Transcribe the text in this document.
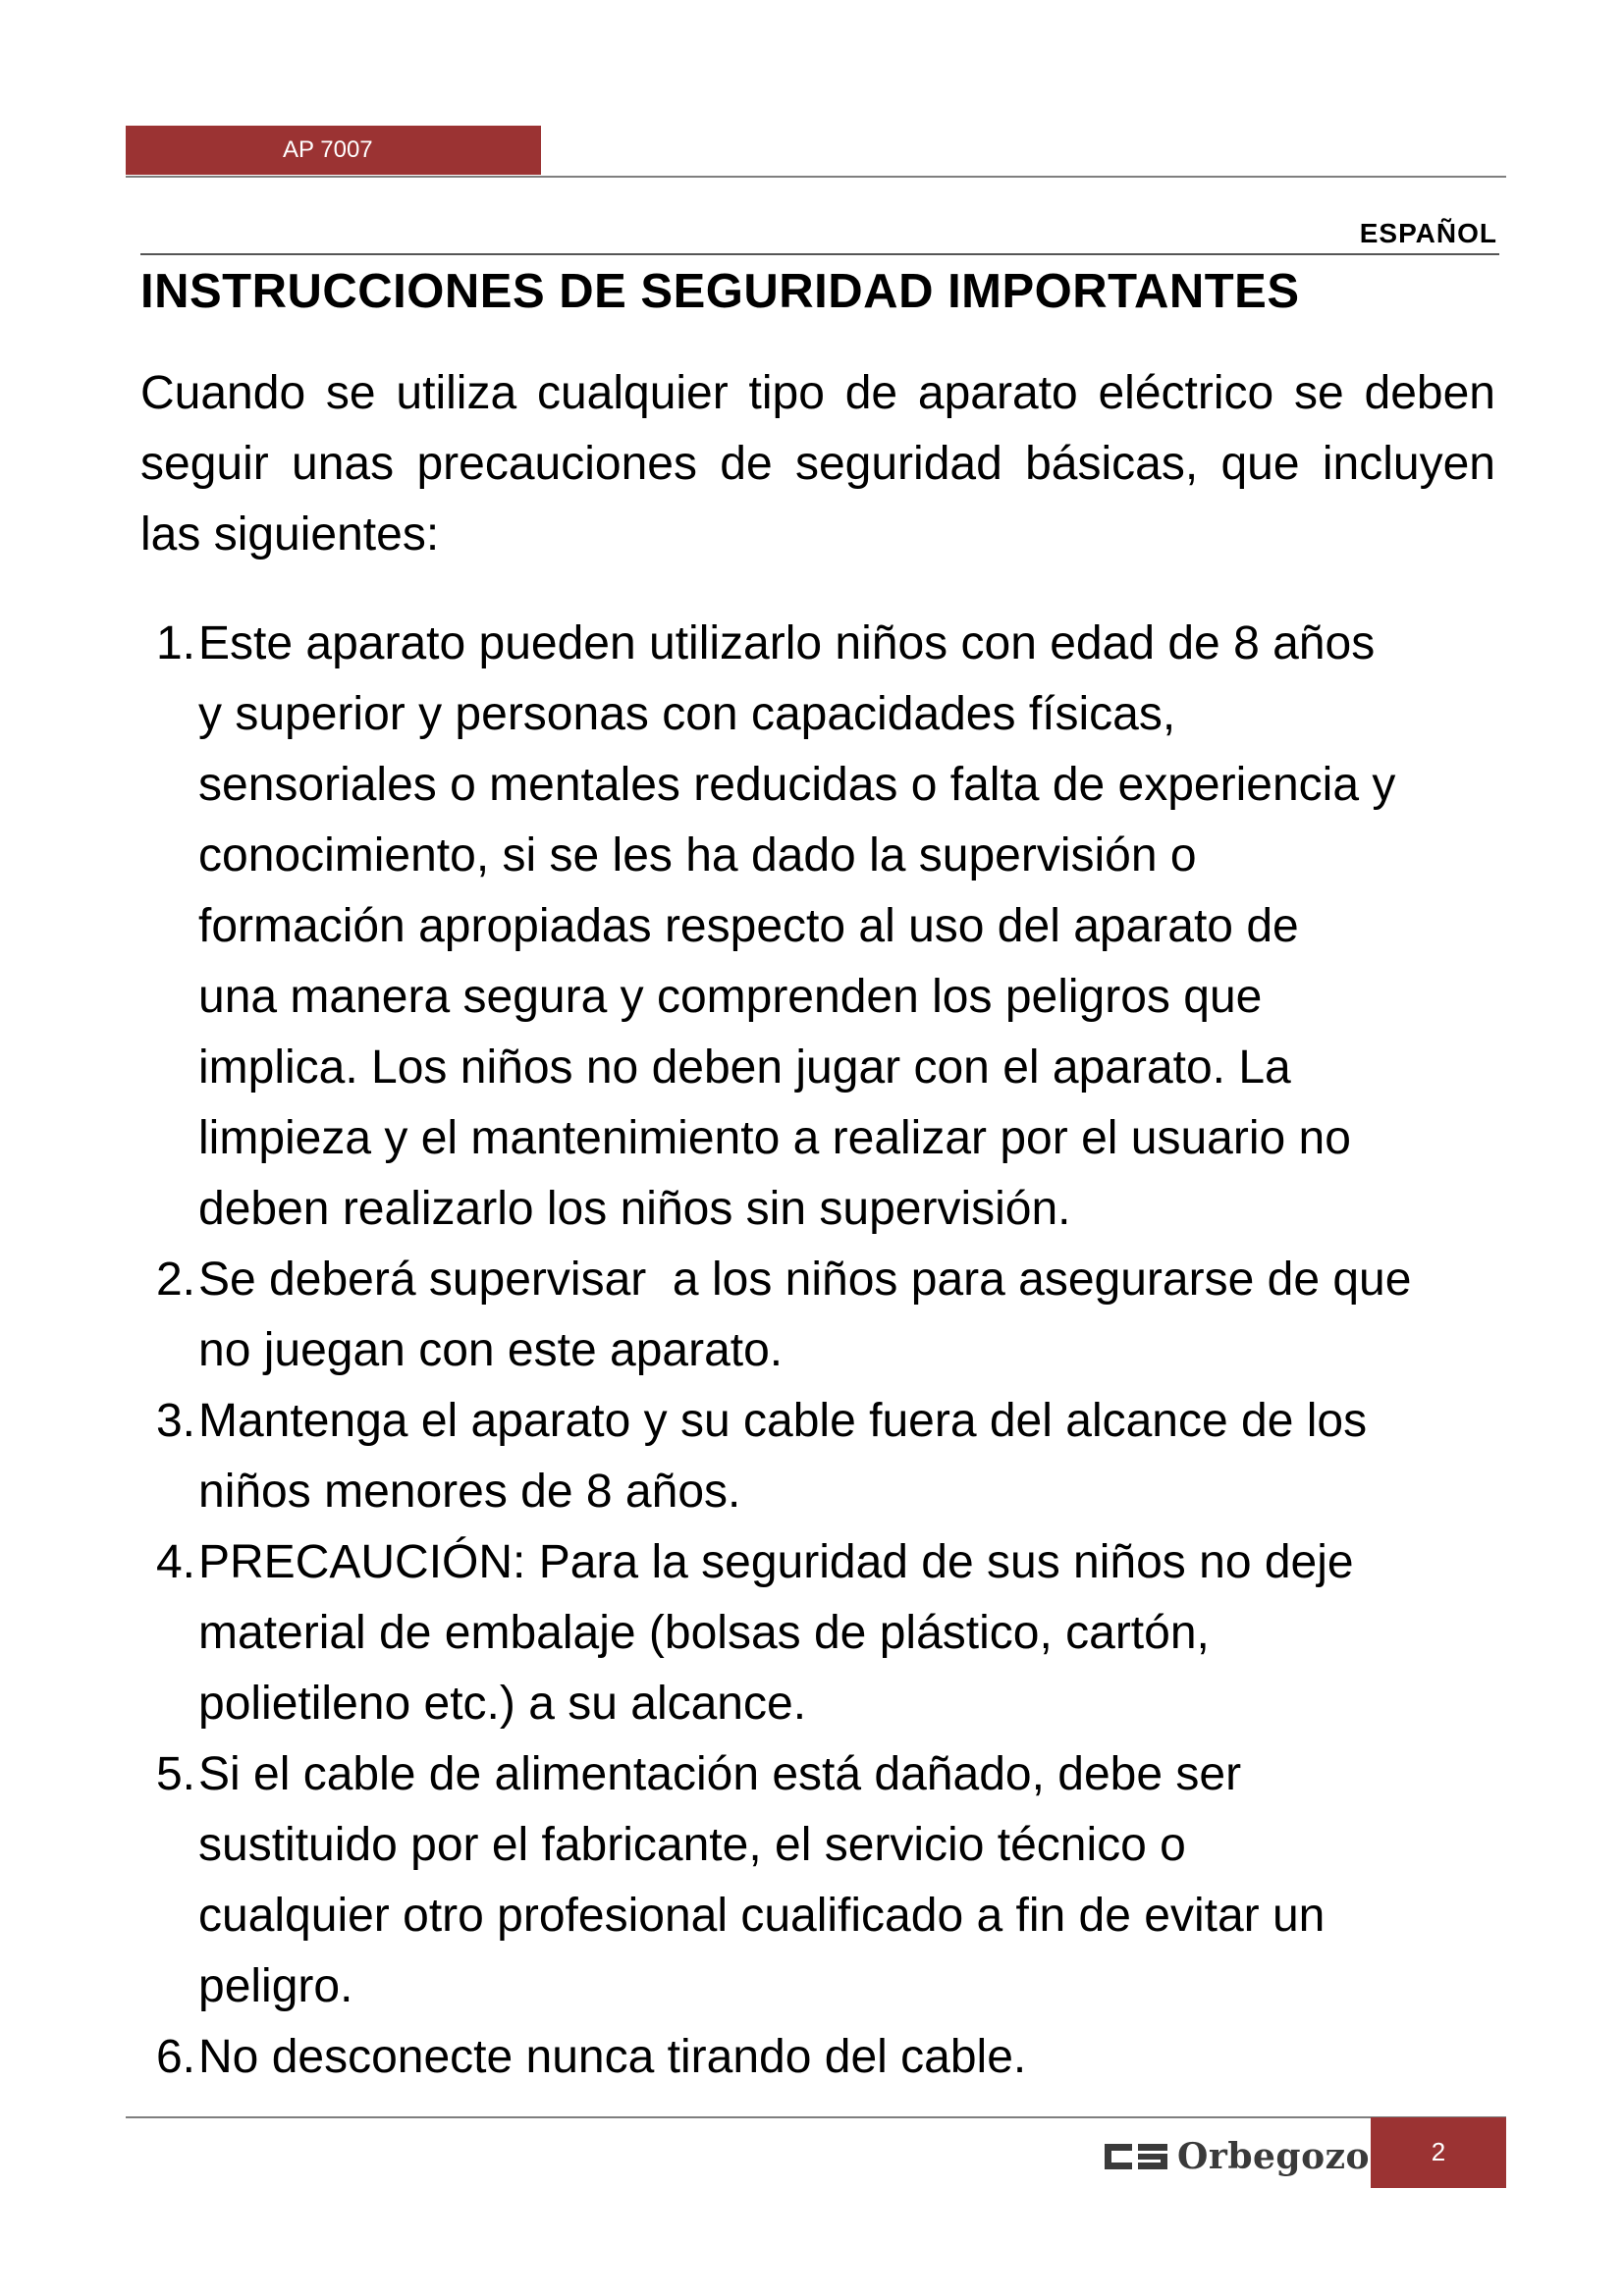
AP 7007
ESPAÑOL
INSTRUCCIONES DE SEGURIDAD IMPORTANTES

Cuando se utiliza cualquier tipo de aparato eléctrico se deben seguir unas precauciones de seguridad básicas, que incluyen las siguientes:

1. Este aparato pueden utilizarlo niños con edad de 8 años
y superior y personas con capacidades físicas,
sensoriales o mentales reducidas o falta de experiencia y
conocimiento, si se les ha dado la supervisión o
formación apropiadas respecto al uso del aparato de
una manera segura y comprenden los peligros que
implica. Los niños no deben jugar con el aparato. La
limpieza y el mantenimiento a realizar por el usuario no
deben realizarlo los niños sin supervisión.
2. Se deberá supervisar  a los niños para asegurarse de que
no juegan con este aparato.
3. Mantenga el aparato y su cable fuera del alcance de los
niños menores de 8 años.
4. PRECAUCIÓN: Para la seguridad de sus niños no deje
material de embalaje (bolsas de plástico, cartón,
polietileno etc.) a su alcance.
5. Si el cable de alimentación está dañado, debe ser
sustituido por el fabricante, el servicio técnico o
cualquier otro profesional cualificado a fin de evitar un
peligro.
6. No desconecte nunca tirando del cable.
Orbegozo	2
